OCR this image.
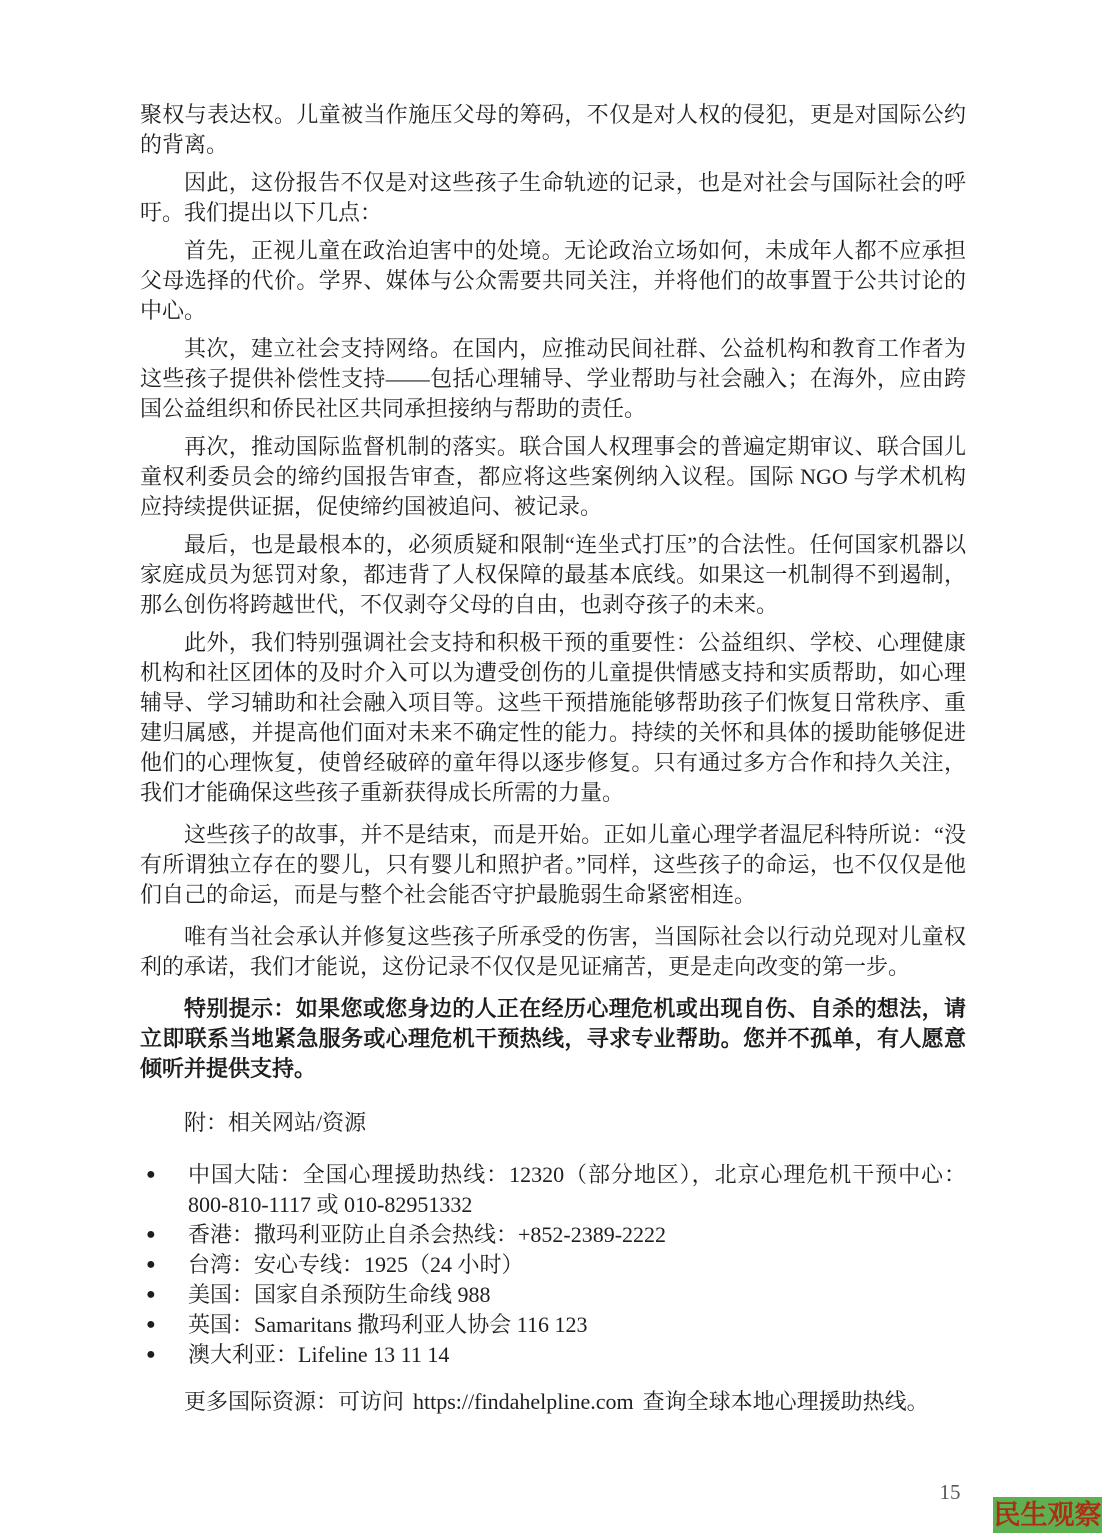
聚权与表达权。儿童被当作施压父母的筹码，不仅是对人权的侵犯，更是对国际公约的背离。

因此，这份报告不仅是对这些孩子生命轨迹的记录，也是对社会与国际社会的呼吁。我们提出以下几点：

首先，正视儿童在政治迫害中的处境。无论政治立场如何，未成年人都不应承担父母选择的代价。学界、媒体与公众需要共同关注，并将他们的故事置于公共讨论的中心。

其次，建立社会支持网络。在国内，应推动民间社群、公益机构和教育工作者为这些孩子提供补偿性支持——包括心理辅导、学业帮助与社会融入；在海外，应由跨国公益组织和侨民社区共同承担接纳与帮助的责任。

再次，推动国际监督机制的落实。联合国人权理事会的普遍定期审议、联合国儿童权利委员会的缔约国报告审查，都应将这些案例纳入议程。国际 NGO 与学术机构应持续提供证据，促使缔约国被追问、被记录。

最后，也是最根本的，必须质疑和限制“连坐式打压”的合法性。任何国家机器以家庭成员为惩罚对象，都违背了人权保障的最基本底线。如果这一机制得不到遏制，那么创伤将跨越世代，不仅剥夺父母的自由，也剥夺孩子的未来。

此外，我们特别强调社会支持和积极干预的重要性：公益组织、学校、心理健康机构和社区团体的及时介入可以为遭受创伤的儿童提供情感支持和实质帮助，如心理辅导、学习辅助和社会融入项目等。这些干预措施能够帮助孩子们恢复日常秩序、重建归属感，并提高他们面对未来不确定性的能力。持续的关怀和具体的援助能够促进他们的心理恢复，使曾经破碎的童年得以逐步修复。只有通过多方合作和持久关注，我们才能确保这些孩子重新获得成长所需的力量。

这些孩子的故事，并不是结束，而是开始。正如儿童心理学者温尼科特所说：“没有所谓独立存在的婴儿，只有婴儿和照护者。”同样，这些孩子的命运，也不仅仅是他们自己的命运，而是与整个社会能否守护最脆弱生命紧密相连。

唯有当社会承认并修复这些孩子所承受的伤害，当国际社会以行动兑现对儿童权利的承诺，我们才能说，这份记录不仅仅是见证痛苦，更是走向改变的第一步。

特别提示：如果您或您身边的人正在经历心理危机或出现自伤、自杀的想法，请立即联系当地紧急服务或心理危机干预热线，寻求专业帮助。您并不孤单，有人愿意倾听并提供支持。

附：相关网站/资源

● 中国大陆：全国心理援助热线：12320（部分地区），北京心理危机干预中心：800-810-1117 或 010-82951332
● 香港：撒玛利亚防止自杀会热线：+852-2389-2222
● 台湾：安心专线：1925（24 小时）
● 美国：国家自杀预防生命线 988
● 英国：Samaritans 撒玛利亚人协会 116 123
● 澳大利亚：Lifeline 13 11 14

更多国际资源：可访问 https://findahelpline.com 查询全球本地心理援助热线。

15
民生观察
